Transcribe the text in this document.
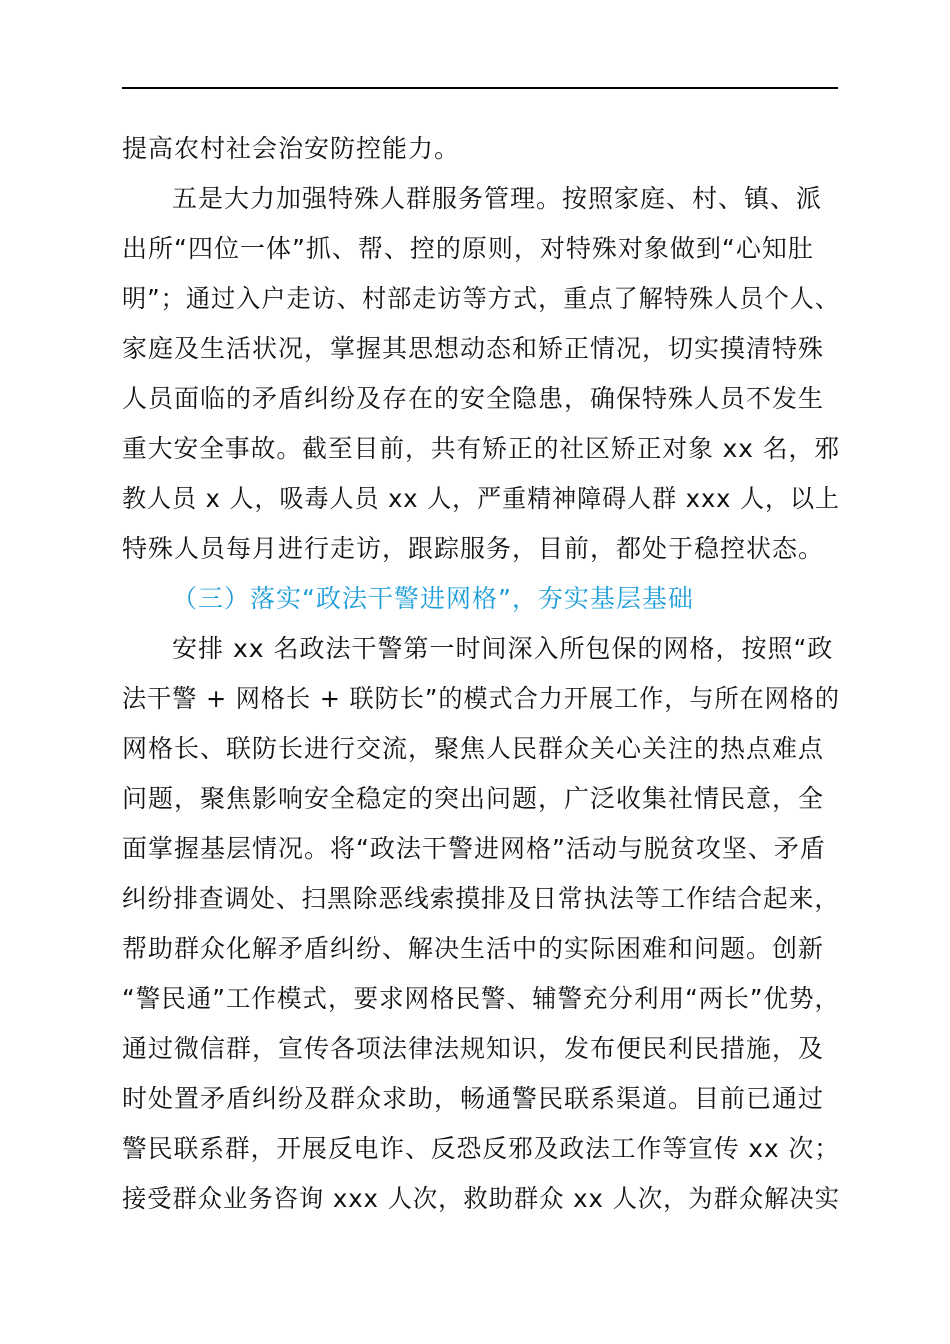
提高农村社会治安防控能力。
五是大力加强特殊人群服务管理。按照家庭、村、镇、派
出所“四位一体”抓、帮、控的原则，对特殊对象做到“心知肚
明”；通过入户走访、村部走访等方式，重点了解特殊人员个人、
家庭及生活状况，掌握其思想动态和矫正情况，切实摸清特殊
人员面临的矛盾纠纷及存在的安全隐患，确保特殊人员不发生
重大安全事故。截至目前，共有矫正的社区矫正对象 xx 名，邪
教人员 x 人，吸毒人员 xx 人，严重精神障碍人群 xxx 人，以上
特殊人员每月进行走访，跟踪服务，目前，都处于稳控状态。
（三）落实“政法干警进网格”，夯实基层基础
安排 xx 名政法干警第一时间深入所包保的网格，按照“政
法干警 + 网格长 + 联防长”的模式合力开展工作，与所在网格的
网格长、联防长进行交流，聚焦人民群众关心关注的热点难点
问题，聚焦影响安全稳定的突出问题，广泛收集社情民意，全
面掌握基层情况。将“政法干警进网格”活动与脱贫攻坚、矛盾
纠纷排查调处、扫黑除恶线索摸排及日常执法等工作结合起来，
帮助群众化解矛盾纠纷、解决生活中的实际困难和问题。创新
“警民通”工作模式，要求网格民警、辅警充分利用“两长”优势，
通过微信群，宣传各项法律法规知识，发布便民利民措施，及
时处置矛盾纠纷及群众求助，畅通警民联系渠道。目前已通过
警民联系群，开展反电诈、反恐反邪及政法工作等宣传 xx 次；
接受群众业务咨询 xxx 人次，救助群众 xx 人次，为群众解决实
